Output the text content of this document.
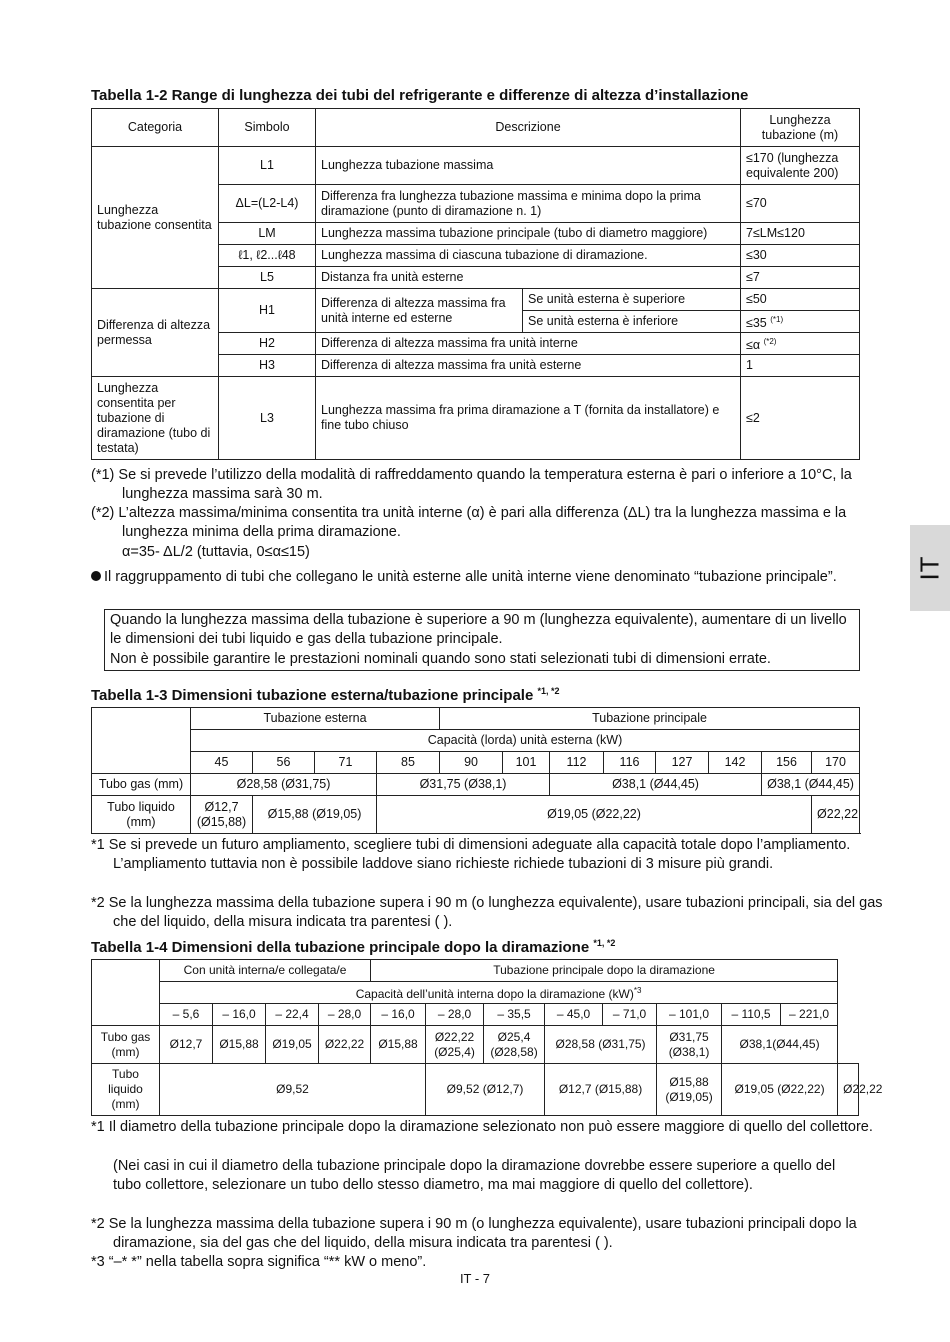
IT
Tabella 1-2 Range di lunghezza dei tubi del refrigerante e differenze di altezza d’installazione
Categoria	Simbolo	Descrizione		Lunghezza tubazione (m)
Lunghezza tubazione consentita	L1	Lunghezza tubazione massima		≤170 (lunghezza equivalente 200)
	ΔL=(L2-L4)	Differenza fra lunghezza tubazione massima e minima dopo la prima diramazione (punto di diramazione n. 1)		≤70
	LM	Lunghezza massima tubazione principale (tubo di diametro maggiore)		7≤LM≤120
	ℓ1, ℓ2...ℓ48	Lunghezza massima di ciascuna tubazione di diramazione.		≤30
	L5	Distanza fra unità esterne		≤7
Differenza di altezza permessa	H1	Differenza di altezza massima fra unità interne ed esterne	Se unità esterna è superiore	≤50
			Se unità esterna è inferiore	≤35 $^{(*1)}$
	H2	Differenza di altezza massima fra unità interne		≤α $^{(*2)}$
	H3	Differenza di altezza massima fra unità esterne		1
Lunghezza consentita per tubazione di diramazione (tubo di testata)	L3	Lunghezza massima fra prima diramazione a T (fornita da installatore) e fine tubo chiuso		≤2
(*1) Se si prevede l’utilizzo della modalità di raffreddamento quando la temperatura esterna è pari o inferiore a 10°C, la lunghezza massima sarà 30 m.
(*2) L’altezza massima/minima consentita tra unità interne (α) è pari alla differenza (ΔL) tra la lunghezza massima e la lunghezza minima della prima diramazione.
α=35- ΔL/2 (tuttavia, 0≤α≤15)
Il raggruppamento di tubi che collegano le unità esterne alle unità interne viene denominato “tubazione principale”.
Quando la lunghezza massima della tubazione è superiore a 90 m (lunghezza equivalente), aumentare di un livello le dimensioni dei tubi liquido e gas della tubazione principale.
Non è possibile garantire le prestazioni nominali quando sono stati selezionati tubi di dimensioni errate.
Tabella 1-3 Dimensioni tubazione esterna/tubazione principale $^{*1, *2}$
	Tubazione esterna				Tubazione principale							
	Capacità (lorda) unità esterna (kW)											
	45	56	71	85	90	101	112	116	127	142	156	170
Tubo gas (mm)	Ø28,58 (Ø31,75)			Ø31,75 (Ø38,1)			Ø38,1 (Ø44,45)				Ø38,1 (Ø44,45)	
Tubo liquido (mm)	Ø12,7 (Ø15,88)	Ø15,88 (Ø19,05)		Ø19,05 (Ø22,22)								Ø22,22
*1 Se si prevede un futuro ampliamento, scegliere tubi di dimensioni adeguate alla capacità totale dopo l’ampliamento. L’ampliamento tuttavia non è possibile laddove siano richieste richiede tubazioni di 3 misure più grandi.
*2 Se la lunghezza massima della tubazione supera i 90 m (o lunghezza equivalente), usare tubazioni principali, sia del gas che del liquido, della misura indicata tra parentesi ( ).
Tabella 1-4 Dimensioni della tubazione principale dopo la diramazione $^{*1, *2}$
	Con unità interna/e collegata/e				Tubazione principale dopo la diramazione								
	Capacità dell’unità interna dopo la diramazione (kW)$^{*3}$
	– 5,6	– 16,0	– 22,4	– 28,0	– 16,0	– 28,0	– 35,5	– 45,0	– 71,0	– 101,0	– 110,5	– 221,0	
Tubo gas (mm)	Ø12,7	Ø15,88	Ø19,05	Ø22,22	Ø15,88	Ø22,22 (Ø25,4)	Ø25,4 (Ø28,58)	Ø28,58 (Ø31,75)		Ø31,75 (Ø38,1)	Ø38,1(Ø44,45)		
Tubo liquido (mm)	Ø9,52					Ø9,52 (Ø12,7)		Ø12,7 (Ø15,88)		Ø15,88 (Ø19,05)	Ø19,05 (Ø22,22)		Ø22,22
*1 Il diametro della tubazione principale dopo la diramazione selezionato non può essere maggiore di quello del collettore.
(Nei casi in cui il diametro della tubazione principale dopo la diramazione dovrebbe essere superiore a quello del tubo collettore, selezionare un tubo dello stesso diametro, ma mai maggiore di quello del collettore).
*2 Se la lunghezza massima della tubazione supera i 90 m (o lunghezza equivalente), usare tubazioni principali dopo la diramazione, sia del gas che del liquido, della misura indicata tra parentesi ( ).
*3 “–* *” nella tabella sopra significa “** kW o meno”.
IT - 7
